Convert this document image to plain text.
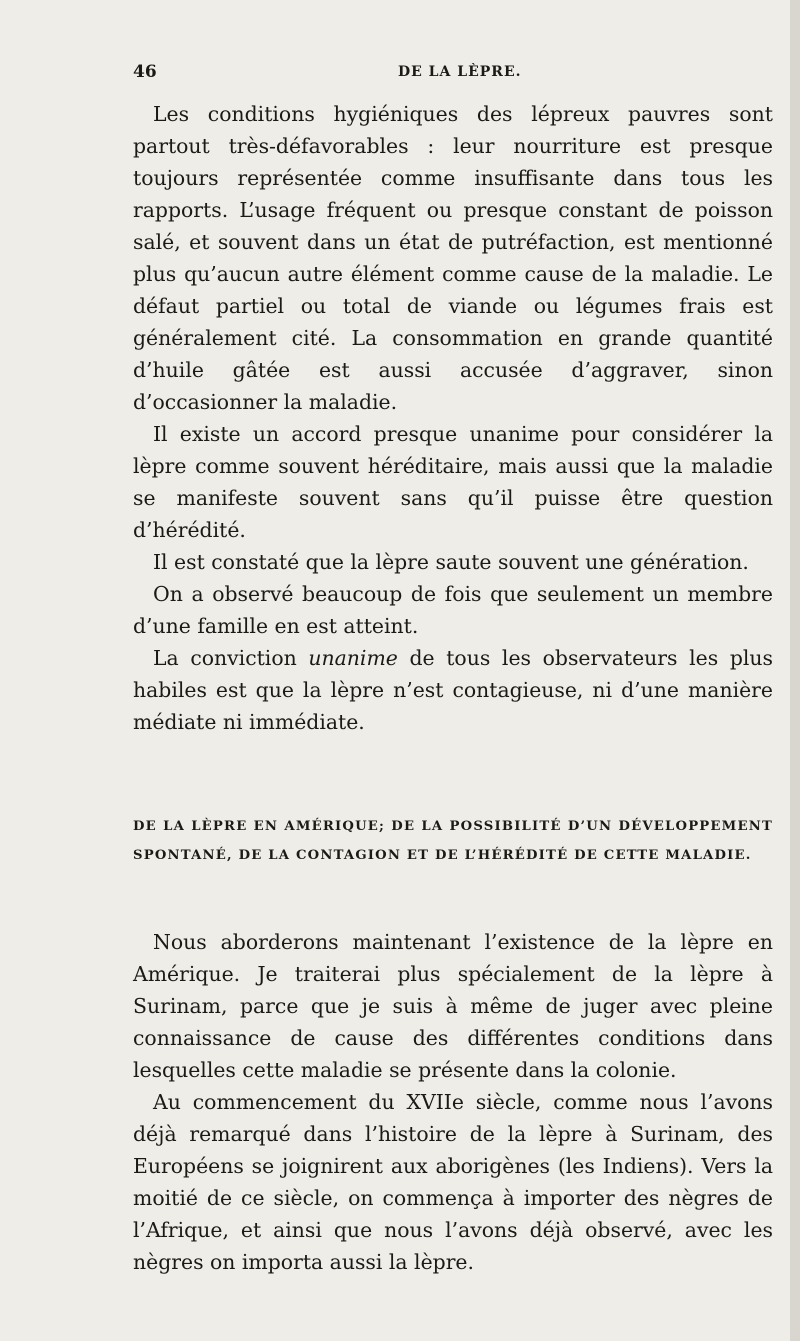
46	DE LA LÈPRE.

Les conditions hygiéniques des lépreux pauvres sont partout très-défavorables : leur nourriture est presque toujours représentée comme insuffisante dans tous les rapports. L’usage fréquent ou presque constant de poisson salé, et souvent dans un état de putréfaction, est mentionné plus qu’aucun autre élément comme cause de la maladie. Le défaut partiel ou total de viande ou légumes frais est généralement cité. La consommation en grande quantité d’huile gâtée est aussi accusée d’aggraver, sinon d’occasionner la maladie.

Il existe un accord presque unanime pour considérer la lèpre comme souvent héréditaire, mais aussi que la maladie se manifeste souvent sans qu’il puisse être question d’hérédité.

Il est constaté que la lèpre saute souvent une génération.

On a observé beaucoup de fois que seulement un membre d’une famille en est atteint.

La conviction unanime de tous les observateurs les plus habiles est que la lèpre n’est contagieuse, ni d’une manière médiate ni immédiate.

DE LA LÈPRE EN AMÉRIQUE; DE LA POSSIBILITÉ D’UN DÉVELOPPEMENT SPONTANÉ, DE LA CONTAGION ET DE L’HÉRÉDITÉ DE CETTE MALADIE.

Nous aborderons maintenant l’existence de la lèpre en Amérique. Je traiterai plus spécialement de la lèpre à Surinam, parce que je suis à même de juger avec pleine connaissance de cause des différentes conditions dans lesquelles cette maladie se présente dans la colonie.

Au commencement du XVIIe siècle, comme nous l’avons déjà remarqué dans l’histoire de la lèpre à Surinam, des Européens se joignirent aux aborigènes (les Indiens). Vers la moitié de ce siècle, on commença à importer des nègres de l’Afrique, et ainsi que nous l’avons déjà observé, avec les nègres on importa aussi la lèpre.
